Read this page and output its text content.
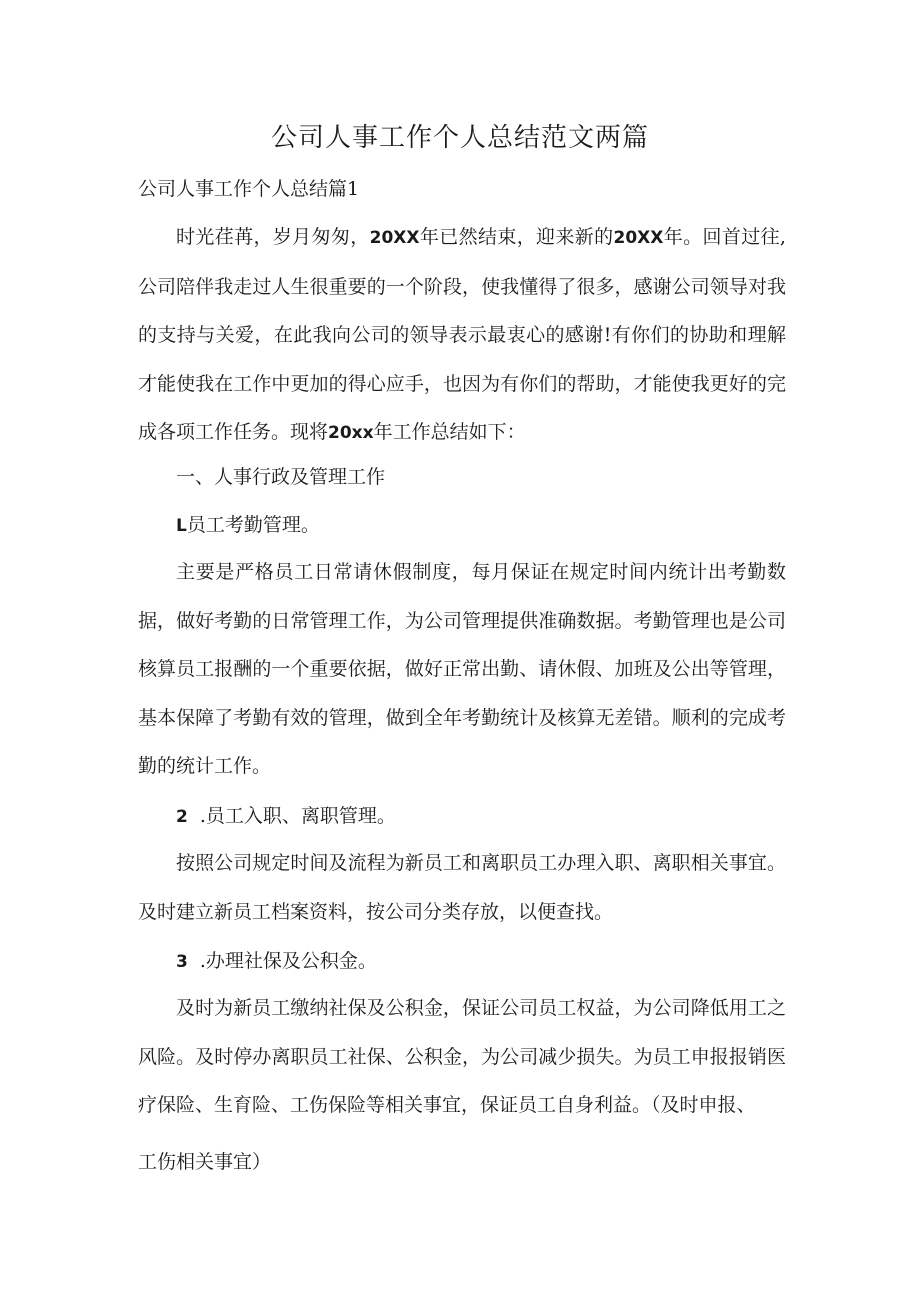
公司人事工作个人总结范文两篇
公司人事工作个人总结篇1
时光荏苒，岁月匆匆，20XX年已然结束，迎来新的20XX年。回首过往,公司陪伴我走过人生很重要的一个阶段，使我懂得了很多，感谢公司领导对我的支持与关爱，在此我向公司的领导表示最衷心的感谢!有你们的协助和理解才能使我在工作中更加的得心应手，也因为有你们的帮助，才能使我更好的完成各项工作任务。现将20xx年工作总结如下：
一、人事行政及管理工作
L员工考勤管理。
主要是严格员工日常请休假制度，每月保证在规定时间内统计出考勤数据，做好考勤的日常管理工作，为公司管理提供准确数据。考勤管理也是公司核算员工报酬的一个重要依据，做好正常出勤、请休假、加班及公出等管理，基本保障了考勤有效的管理，做到全年考勤统计及核算无差错。顺利的完成考勤的统计工作。
2 .员工入职、离职管理。
按照公司规定时间及流程为新员工和离职员工办理入职、离职相关事宜。及时建立新员工档案资料，按公司分类存放，以便查找。
3 .办理社保及公积金。
及时为新员工缴纳社保及公积金，保证公司员工权益，为公司降低用工之风险。及时停办离职员工社保、公积金，为公司减少损失。为员工申报报销医疗保险、生育险、工伤保险等相关事宜，保证员工自身利益。（及时申报、
工伤相关事宜）
